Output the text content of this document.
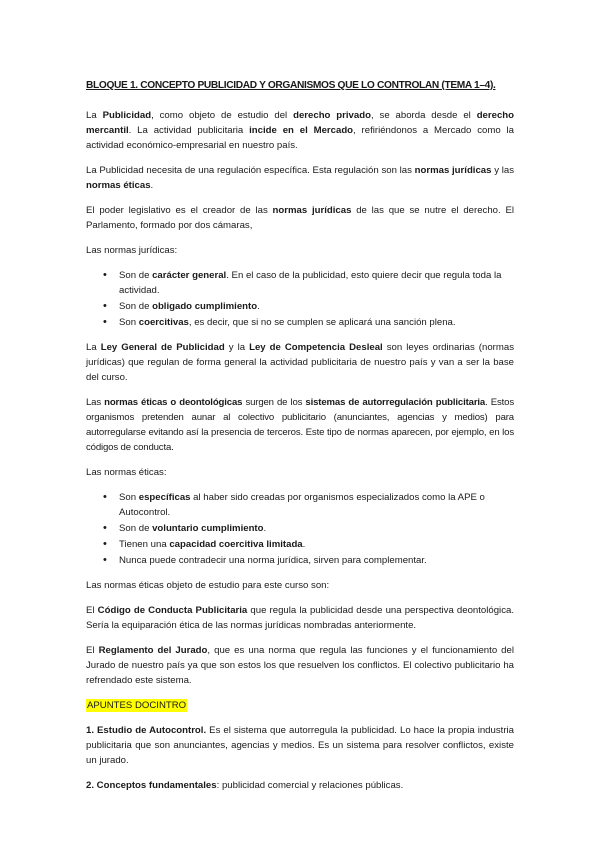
BLOQUE 1. CONCEPTO PUBLICIDAD Y ORGANISMOS QUE LO CONTROLAN (TEMA 1–4).

La Publicidad, como objeto de estudio del derecho privado, se aborda desde el derecho mercantil. La actividad publicitaria incide en el Mercado, refiriéndonos a Mercado como la actividad económico-empresarial en nuestro país.

La Publicidad necesita de una regulación específica. Esta regulación son las normas jurídicas y las normas éticas.

El poder legislativo es el creador de las normas jurídicas de las que se nutre el derecho. El Parlamento, formado por dos cámaras,

Las normas jurídicas:

• Son de carácter general. En el caso de la publicidad, esto quiere decir que regula toda la actividad.
• Son de obligado cumplimiento.
• Son coercitivas, es decir, que si no se cumplen se aplicará una sanción plena.

La Ley General de Publicidad y la Ley de Competencia Desleal son leyes ordinarias (normas jurídicas) que regulan de forma general la actividad publicitaria de nuestro país y van a ser la base del curso.

Las normas éticas o deontológicas surgen de los sistemas de autorregulación publicitaria. Estos organismos pretenden aunar al colectivo publicitario (anunciantes, agencias y medios) para autorregularse evitando así la presencia de terceros. Este tipo de normas aparecen, por ejemplo, en los códigos de conducta.

Las normas éticas:

• Son específicas al haber sido creadas por organismos especializados como la APE o Autocontrol.
• Son de voluntario cumplimiento.
• Tienen una capacidad coercitiva limitada.
• Nunca puede contradecir una norma jurídica, sirven para complementar.

Las normas éticas objeto de estudio para este curso son:

El Código de Conducta Publicitaria que regula la publicidad desde una perspectiva deontológica. Sería la equiparación ética de las normas jurídicas nombradas anteriormente.

El Reglamento del Jurado, que es una norma que regula las funciones y el funcionamiento del Jurado de nuestro país ya que son estos los que resuelven los conflictos. El colectivo publicitario ha refrendado este sistema.

APUNTES DOCINTRO

1. Estudio de Autocontrol. Es el sistema que autorregula la publicidad. Lo hace la propia industria publicitaria que son anunciantes, agencias y medios. Es un sistema para resolver conflictos, existe un jurado.

2. Conceptos fundamentales: publicidad comercial y relaciones públicas.
